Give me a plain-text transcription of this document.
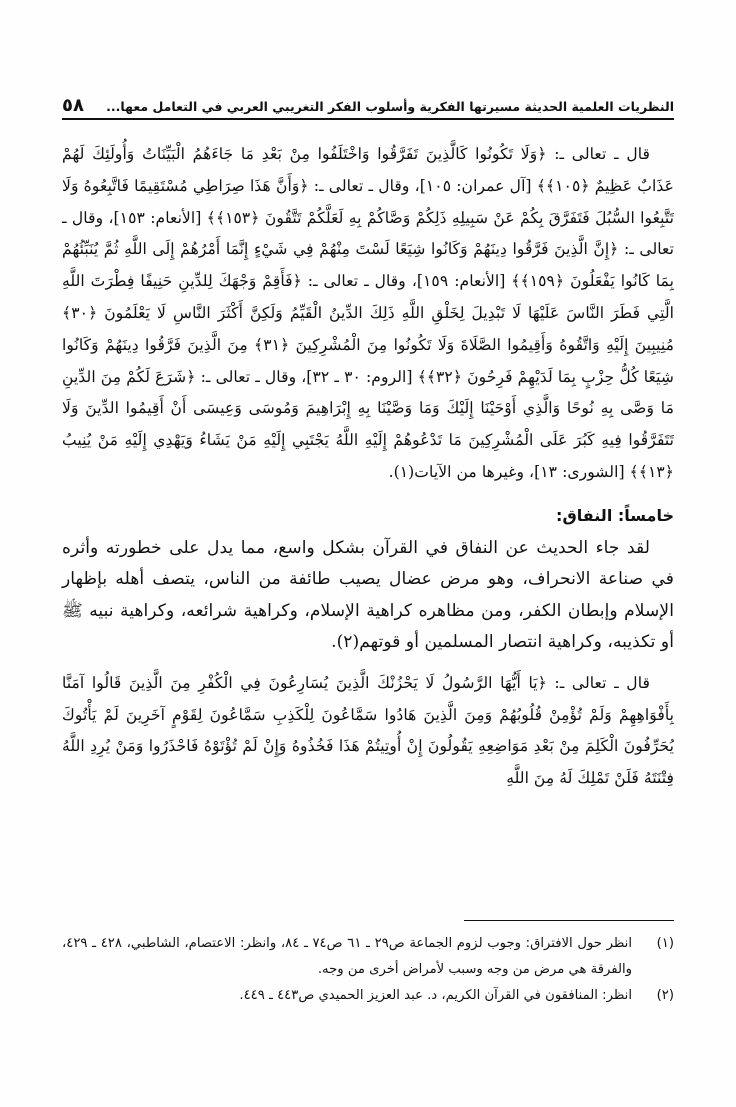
النظريات العلمية الحديثة مسيرتها الفكرية وأسلوب الفكر التغريبي العربي في التعامل معها...
٥٨

قال ـ تعالى ـ: ﴿وَلَا تَكُونُوا كَالَّذِينَ تَفَرَّقُوا وَاخْتَلَفُوا مِنْ بَعْدِ مَا جَاءَهُمُ الْبَيِّنَاتُ وَأُولَئِكَ لَهُمْ عَذَابٌ عَظِيمٌ ﴿١٠٥﴾﴾ [آل عمران: ١٠٥]، وقال ـ تعالى ـ: ﴿وَأَنَّ هَذَا صِرَاطِي مُسْتَقِيمًا فَاتَّبِعُوهُ وَلَا تَتَّبِعُوا السُّبُلَ فَتَفَرَّقَ بِكُمْ عَنْ سَبِيلِهِ ذَلِكُمْ وَصَّاكُمْ بِهِ لَعَلَّكُمْ تَتَّقُونَ ﴿١٥٣﴾﴾ [الأنعام: ١٥٣]، وقال ـ تعالى ـ: ﴿إِنَّ الَّذِينَ فَرَّقُوا دِينَهُمْ وَكَانُوا شِيَعًا لَسْتَ مِنْهُمْ فِي شَيْءٍ إِنَّمَا أَمْرُهُمْ إِلَى اللَّهِ ثُمَّ يُنَبِّئُهُمْ بِمَا كَانُوا يَفْعَلُونَ ﴿١٥٩﴾﴾ [الأنعام: ١٥٩]، وقال ـ تعالى ـ: ﴿فَأَقِمْ وَجْهَكَ لِلدِّينِ حَنِيفًا فِطْرَتَ اللَّهِ الَّتِي فَطَرَ النَّاسَ عَلَيْهَا لَا تَبْدِيلَ لِخَلْقِ اللَّهِ ذَلِكَ الدِّينُ الْقَيِّمُ وَلَكِنَّ أَكْثَرَ النَّاسِ لَا يَعْلَمُونَ ﴿٣٠﴾ مُنِيبِينَ إِلَيْهِ وَاتَّقُوهُ وَأَقِيمُوا الصَّلَاةَ وَلَا تَكُونُوا مِنَ الْمُشْرِكِينَ ﴿٣١﴾ مِنَ الَّذِينَ فَرَّقُوا دِينَهُمْ وَكَانُوا شِيَعًا كُلُّ حِزْبٍ بِمَا لَدَيْهِمْ فَرِحُونَ ﴿٣٢﴾﴾ [الروم: ٣٠ ـ ٣٢]، وقال ـ تعالى ـ: ﴿شَرَعَ لَكُمْ مِنَ الدِّينِ مَا وَصَّى بِهِ نُوحًا وَالَّذِي أَوْحَيْنَا إِلَيْكَ وَمَا وَصَّيْنَا بِهِ إِبْرَاهِيمَ وَمُوسَى وَعِيسَى أَنْ أَقِيمُوا الدِّينَ وَلَا تَتَفَرَّقُوا فِيهِ كَبُرَ عَلَى الْمُشْرِكِينَ مَا تَدْعُوهُمْ إِلَيْهِ اللَّهُ يَجْتَبِي إِلَيْهِ مَنْ يَشَاءُ وَيَهْدِي إِلَيْهِ مَنْ يُنِيبُ ﴿١٣﴾﴾ [الشورى: ١٣]، وغيرها من الآيات(١).

خامساً: النفاق:

لقد جاء الحديث عن النفاق في القرآن بشكل واسع، مما يدل على خطورته وأثره في صناعة الانحراف، وهو مرض عضال يصيب طائفة من الناس، يتصف أهله بإظهار الإسلام وإبطان الكفر، ومن مظاهره كراهية الإسلام، وكراهية شرائعه، وكراهية نبيه ﷺ أو تكذيبه، وكراهية انتصار المسلمين أو قوتهم(٢).

قال ـ تعالى ـ: ﴿يَا أَيُّهَا الرَّسُولُ لَا يَحْزُنْكَ الَّذِينَ يُسَارِعُونَ فِي الْكُفْرِ مِنَ الَّذِينَ قَالُوا آمَنَّا بِأَفْوَاهِهِمْ وَلَمْ تُؤْمِنْ قُلُوبُهُمْ وَمِنَ الَّذِينَ هَادُوا سَمَّاعُونَ لِلْكَذِبِ سَمَّاعُونَ لِقَوْمٍ آخَرِينَ لَمْ يَأْتُوكَ يُحَرِّفُونَ الْكَلِمَ مِنْ بَعْدِ مَوَاضِعِهِ يَقُولُونَ إِنْ أُوتِيتُمْ هَذَا فَخُذُوهُ وَإِنْ لَمْ تُؤْتَوْهُ فَاحْذَرُوا وَمَنْ يُرِدِ اللَّهُ فِتْنَتَهُ فَلَنْ تَمْلِكَ لَهُ مِنَ اللَّهِ

(١)
انظر حول الافتراق: وجوب لزوم الجماعة ص٢٩ ـ ٦١ ص٧٤ ـ ٨٤، وانظر: الاعتصام، الشاطبي، ٤٢٨ ـ ٤٢٩، والفرقة هي مرض من وجه وسبب لأمراض أخرى من وجه.
(٢)
انظر: المنافقون في القرآن الكريم، د. عبد العزيز الحميدي ص٤٤٣ ـ ٤٤٩.
